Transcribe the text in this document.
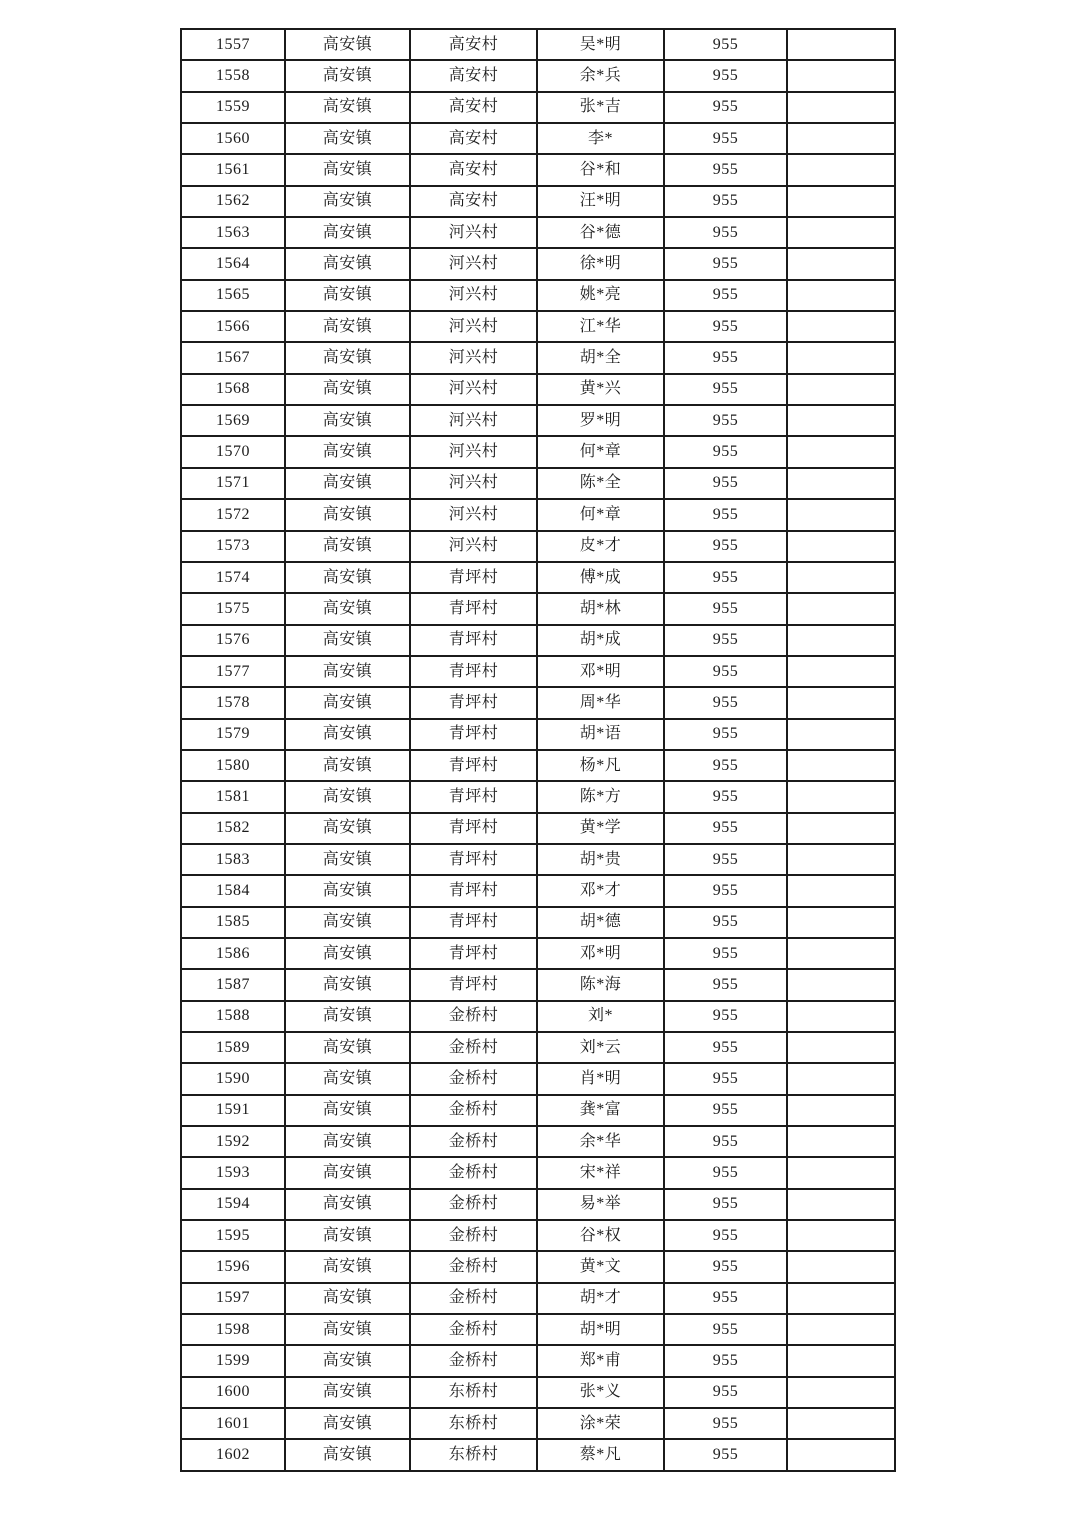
1557	高安镇	高安村	吴*明	955	
1558	高安镇	高安村	余*兵	955	
1559	高安镇	高安村	张*吉	955	
1560	高安镇	高安村	李*	955	
1561	高安镇	高安村	谷*和	955	
1562	高安镇	高安村	汪*明	955	
1563	高安镇	河兴村	谷*德	955	
1564	高安镇	河兴村	徐*明	955	
1565	高安镇	河兴村	姚*亮	955	
1566	高安镇	河兴村	江*华	955	
1567	高安镇	河兴村	胡*全	955	
1568	高安镇	河兴村	黄*兴	955	
1569	高安镇	河兴村	罗*明	955	
1570	高安镇	河兴村	何*章	955	
1571	高安镇	河兴村	陈*全	955	
1572	高安镇	河兴村	何*章	955	
1573	高安镇	河兴村	皮*才	955	
1574	高安镇	青坪村	傅*成	955	
1575	高安镇	青坪村	胡*林	955	
1576	高安镇	青坪村	胡*成	955	
1577	高安镇	青坪村	邓*明	955	
1578	高安镇	青坪村	周*华	955	
1579	高安镇	青坪村	胡*语	955	
1580	高安镇	青坪村	杨*凡	955	
1581	高安镇	青坪村	陈*方	955	
1582	高安镇	青坪村	黄*学	955	
1583	高安镇	青坪村	胡*贵	955	
1584	高安镇	青坪村	邓*才	955	
1585	高安镇	青坪村	胡*德	955	
1586	高安镇	青坪村	邓*明	955	
1587	高安镇	青坪村	陈*海	955	
1588	高安镇	金桥村	刘*	955	
1589	高安镇	金桥村	刘*云	955	
1590	高安镇	金桥村	肖*明	955	
1591	高安镇	金桥村	龚*富	955	
1592	高安镇	金桥村	余*华	955	
1593	高安镇	金桥村	宋*祥	955	
1594	高安镇	金桥村	易*举	955	
1595	高安镇	金桥村	谷*权	955	
1596	高安镇	金桥村	黄*文	955	
1597	高安镇	金桥村	胡*才	955	
1598	高安镇	金桥村	胡*明	955	
1599	高安镇	金桥村	郑*甫	955	
1600	高安镇	东桥村	张*义	955	
1601	高安镇	东桥村	涂*荣	955	
1602	高安镇	东桥村	蔡*凡	955	
